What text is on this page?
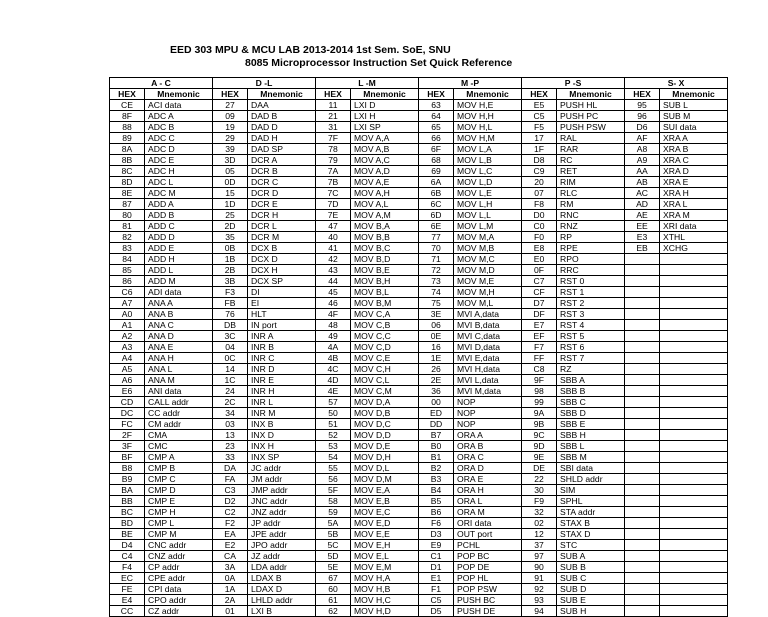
EED 303 MPU & MCU LAB 2013-2014 1st Sem. SoE, SNU
8085 Microprocessor Instruction Set Quick Reference
A - C		D -L		L -M		M -P		P -S		S- X	
HEX	Mnemonic	HEX	Mnemonic	HEX	Mnemonic	HEX	Mnemonic	HEX	Mnemonic	HEX	Mnemonic
CE	ACI data	27	DAA	11	LXI D	63	MOV H,E	E5	PUSH HL	95	SUB L
8F	ADC A	09	DAD B	21	LXI H	64	MOV H,H	C5	PUSH PC	96	SUB M
88	ADC B	19	DAD D	31	LXI SP	65	MOV H,L	F5	PUSH PSW	D6	SUI data
89	ADC C	29	DAD H	7F	MOV A,A	66	MOV H,M	17	RAL	AF	XRA A
8A	ADC D	39	DAD SP	78	MOV A,B	6F	MOV L,A	1F	RAR	A8	XRA B
8B	ADC E	3D	DCR A	79	MOV A,C	68	MOV L,B	D8	RC	A9	XRA C
8C	ADC H	05	DCR B	7A	MOV A,D	69	MOV L,C	C9	RET	AA	XRA D
8D	ADC L	0D	DCR C	7B	MOV A,E	6A	MOV L,D	20	RIM	AB	XRA E
8E	ADC M	15	DCR D	7C	MOV A,H	6B	MOV L,E	07	RLC	AC	XRA H
87	ADD A	1D	DCR E	7D	MOV A,L	6C	MOV L,H	F8	RM	AD	XRA L
80	ADD B	25	DCR H	7E	MOV A,M	6D	MOV L,L	D0	RNC	AE	XRA M
81	ADD C	2D	DCR L	47	MOV B,A	6E	MOV L,M	C0	RNZ	EE	XRI data
82	ADD D	35	DCR M	40	MOV B,B	77	MOV M,A	F0	RP	E3	XTHL
83	ADD E	0B	DCX B	41	MOV B,C	70	MOV M,B	E8	RPE	EB	XCHG
84	ADD H	1B	DCX D	42	MOV B,D	71	MOV M,C	E0	RPO		
85	ADD L	2B	DCX H	43	MOV B,E	72	MOV M,D	0F	RRC		
86	ADD M	3B	DCX SP	44	MOV B,H	73	MOV M,E	C7	RST 0		
C6	ADI data	F3	DI	45	MOV B,L	74	MOV M,H	CF	RST 1		
A7	ANA A	FB	EI	46	MOV B,M	75	MOV M,L	D7	RST 2		
A0	ANA B	76	HLT	4F	MOV C,A	3E	MVI A,data	DF	RST 3		
A1	ANA C	DB	IN port	48	MOV C,B	06	MVI B,data	E7	RST 4		
A2	ANA D	3C	INR A	49	MOV C,C	0E	MVI C,data	EF	RST 5		
A3	ANA E	04	INR B	4A	MOV C,D	16	MVI D,data	F7	RST 6		
A4	ANA H	0C	INR C	4B	MOV C,E	1E	MVI E,data	FF	RST 7		
A5	ANA L	14	INR D	4C	MOV C,H	26	MVI H,data	C8	RZ		
A6	ANA M	1C	INR E	4D	MOV C,L	2E	MVI L,data	9F	SBB A		
E6	ANI data	24	INR H	4E	MOV C,M	36	MVI M,data	98	SBB B		
CD	CALL addr	2C	INR L	57	MOV D,A	00	NOP	99	SBB C		
DC	CC addr	34	INR M	50	MOV D,B	ED	NOP	9A	SBB D		
FC	CM addr	03	INX B	51	MOV D,C	DD	NOP	9B	SBB E		
2F	CMA	13	INX D	52	MOV D,D	B7	ORA A	9C	SBB H		
3F	CMC	23	INX H	53	MOV D,E	B0	ORA B	9D	SBB L		
BF	CMP A	33	INX SP	54	MOV D,H	B1	ORA C	9E	SBB M		
B8	CMP B	DA	JC addr	55	MOV D,L	B2	ORA D	DE	SBI data		
B9	CMP C	FA	JM addr	56	MOV D,M	B3	ORA E	22	SHLD addr		
BA	CMP D	C3	JMP addr	5F	MOV E,A	B4	ORA H	30	SIM		
BB	CMP E	D2	JNC addr	58	MOV E,B	B5	ORA L	F9	SPHL		
BC	CMP H	C2	JNZ addr	59	MOV E,C	B6	ORA M	32	STA addr		
BD	CMP L	F2	JP addr	5A	MOV E,D	F6	ORI data	02	STAX B		
BE	CMP M	EA	JPE addr	5B	MOV E,E	D3	OUT port	12	STAX D		
D4	CNC addr	E2	JPO addr	5C	MOV E,H	E9	PCHL	37	STC		
C4	CNZ addr	CA	JZ addr	5D	MOV E,L	C1	POP BC	97	SUB A		
F4	CP addr	3A	LDA addr	5E	MOV E,M	D1	POP DE	90	SUB B		
EC	CPE addr	0A	LDAX B	67	MOV H,A	E1	POP HL	91	SUB C		
FE	CPI data	1A	LDAX D	60	MOV H,B	F1	POP PSW	92	SUB D		
E4	CPO addr	2A	LHLD addr	61	MOV H,C	C5	PUSH BC	93	SUB E		
CC	CZ addr	01	LXI B	62	MOV H,D	D5	PUSH DE	94	SUB H		
